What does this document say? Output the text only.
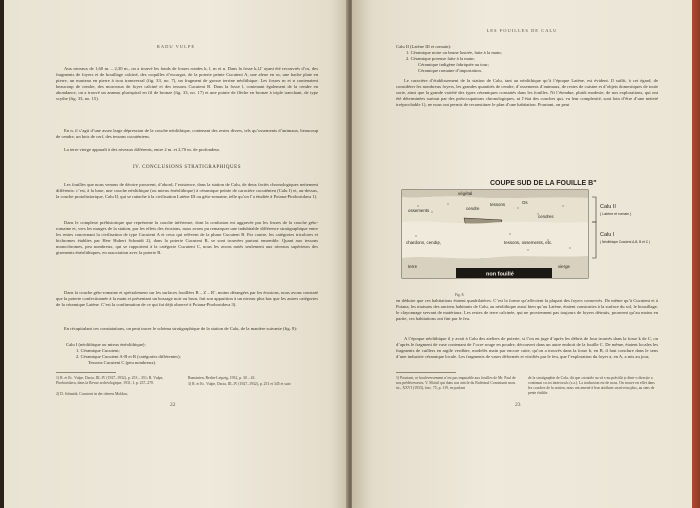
RADU VULPE

Aux niveaux de 1,60 m. – 2,30 m., on a trouvé les fonds de fosses rondes k, l, m et n. Dans la fosse k,l,l’ ayant été recouvrés d’os, des fragments de foyers et de bouillage calciné, des coquilles d’escargot, de la poterie peinte Cucuteni A, une aleue en os, une hache plate en pierre, un marteau en pierre à trou transversal (fig. 33, no. 7), un fragment de grosse terrine néolithique. Les fosses m et n contenaient beaucoup de cendre, des morceaux de foyer calciné et des tessons Cucuteni B. Dans la fosse l, contenant également de la cendre en abondance, on a trouvé un anneau plurispiral en fil de bronze (fig. 33, no. 17) et une pointe de flèche en bronze à triple tranchant, de type scythe (fig. 33, no. 15).

En n, il s’agit d’une assez large dépression de la couche néolithique, contenant des restes divers, tels qu’ossements d’animaux, beaucoup de cendre, un bois de cerf, des tessons cucuténiens.

La terre vierge apparaît à des niveaux différents, entre 2 m. et 2,70 m. de profondeur.

IV. CONCLUSIONS STRATIGRAPHIQUES

Les fouilles que nous venons de décrire prouvent, d’abord, l’existence, dans la station de Calu, de deux faciès chronologiques nettement différents: c’est, à la base, une couche néolithique (ou mieux énéolithique) à céramique peinte de caractère cucuténien (Calu I) et, au-dessus, la couche protohistorique, Calu II, qui se rattache à la civilisation Latène III ou géto-romaine, telle qu’on l’a étudiée à Poiana-Piroboridava 1).

Dans le complexe préhistorique que représente la couche inférieure, dont la confusion est aggravée par les fosses de la couche géto-romaine et, vers les marges de la station, par les effets des érosions, nous avons pu remarquer une indubitable différence stratigraphique entre les restes concernant la civilisation de type Cucuteni A et ceux qui relèvent de la phase Cucuteni B. Par contre, les catégories tricolores et bichromes établies par Herr Hubert Schmidt 2), dans la poterie Cucuteni B, se sont trouvées partout ensemble. Quant aux tessons monochromes, peu nombreux, qui se rapportent à la catégorie Cucuteni C, nous les avons notés seulement aux niveaux supérieurs des gisements énéolithiques, en association avec la poterie B.

Dans la couche géto-romaine et spécialement sur les surfaces fouillées B – Z – B’, moins dérangées par les érosions, nous avons constaté que la poterie confectionnée à la main et présentant un bossage noir ou brun, fait son apparition à un niveau plus bas que les autres catégories de la céramique Latène. C’est la confirmation de ce qui fut déjà observé à Poiana-Piroboridava 3).

En récapitulant ces constatations, on peut tracer le schéma stratigraphique de la station de Calu, de la manière suivante (fig. 8):

Calu I (néolithique ou mieux énéolithique):
1. Céramique Cucuteni;
2. Céramique Cucuteni A-B et B (catégories différentes);
Tessons Cucuteni C (peu nombreux).

1) R. et Ec. Vulpe, Dacia, III–IV (1927–1932), p. 253 – 351; R. Vulpe, Piroboridava, dans la Revue archéologique, 1931, I, p. 237–270.

2) D. Schmidt, Cucuteni in der oberen Moldau,

Rumänien, Berlin-Leipzig, 1932, p. 30 – 43.

3) R. et Ec. Vulpe, Dacia, III–IV (1927–1932), p. 251 et 345 et suiv.

22
LES FOUILLES DE CALU
Calu II (Latène III et romain):
1. Céramique noire ou brune lustrée, faite à la main;
2. Céramique poreuse faite à la main;
Céramique indigène fabriquée au tour;
Céramique romaine d’importation.

Le caractère d’établissement de la station de Calu, tant au néolithique qu’à l’époque Latène, est évident. Il suffit, à cet égard, de considérer les nombreux foyers, les grandes quantités de cendre, d’ossements d’animaux, de restes de cuisine et d’objets domestiques de toute sorte, ainsi que la grande variété des types céramiques constatés dans les fouilles. Ni l’étendue, plutôt modeste, de nos explorations, qui ont été déterminées surtout par des préoccupations chronologiques, ni l’état des couches qui, vu leur complexité, sont loin d’être d’une netteté irréprochable 1), ne nous ont permis de reconstituer le plan d’une habitation. Pourtant, on peut

en déduire que ces habitations étaient quadrilatères. C’est la forme qu’affectent la plupart des foyers conservés. De même qu’à Cucuteni et à Poiana, les maisons des anciens habitants de Calu, au néolithique aussi bien qu’au Latène, étaient construites à la surface du sol, le bousillage, le clayonnage servant de matériaux. Les restes de terre calcinée, qui ne proviennent pas toujours de foyers détruits, prouvent qu’au moins en partie, ces habitations ont fini par le feu.

A l’époque néolithique il y avait à Calu des ateliers de poterie, si l’on en juge d’après les débris de four trouvés dans la fosse k de C, ou d’après le fragment de vase contenant de l’ocre rouge en poudre, découvert dans un autre endroit de la fouille C. De même, étaient locales les fragments de cuillers en argile verdâtre, modelés main par encore cuite, qu’on a trouvés dans la fosse b, en B, il faut conclure dans le sens d’une industrie céramique locale. Les fragments de vases déformés et vitrifiés par le feu, que l’exploration du foyer a, en A, a mis au jour,

1) Pourtant, ce bouleversement n’est pas imputable aux fouilles de Mr. Paul de nos prédécesseurs. V. Moisil qui dans son article du Buletinul Comisiunii mon. ist., XXVI (1933), fasc. 75, p. 119, en parlant

de la stratigraphie de Calu, dit que «stratele au vă s-au prăvălit și dintr-o direcție a continuat cu tot interiorul» (s.a.). La traduction est de nous. On trouve en effet dans les couches de la station, nous ont amené à leur attribuer un niveau plus, au sens de pente établie.

23
COUPE SUD DE LA FOUILLE B"
non fouillé
végétal
ossements	cendre
tessons	Os
cendres
chardons, cendre,	tessons, ossements, etc.
terre	vierge
Calu II
( Latène et romain )
Calu I
( Néolithique Cucuteni A-B, B et C )
Fig. 8.
